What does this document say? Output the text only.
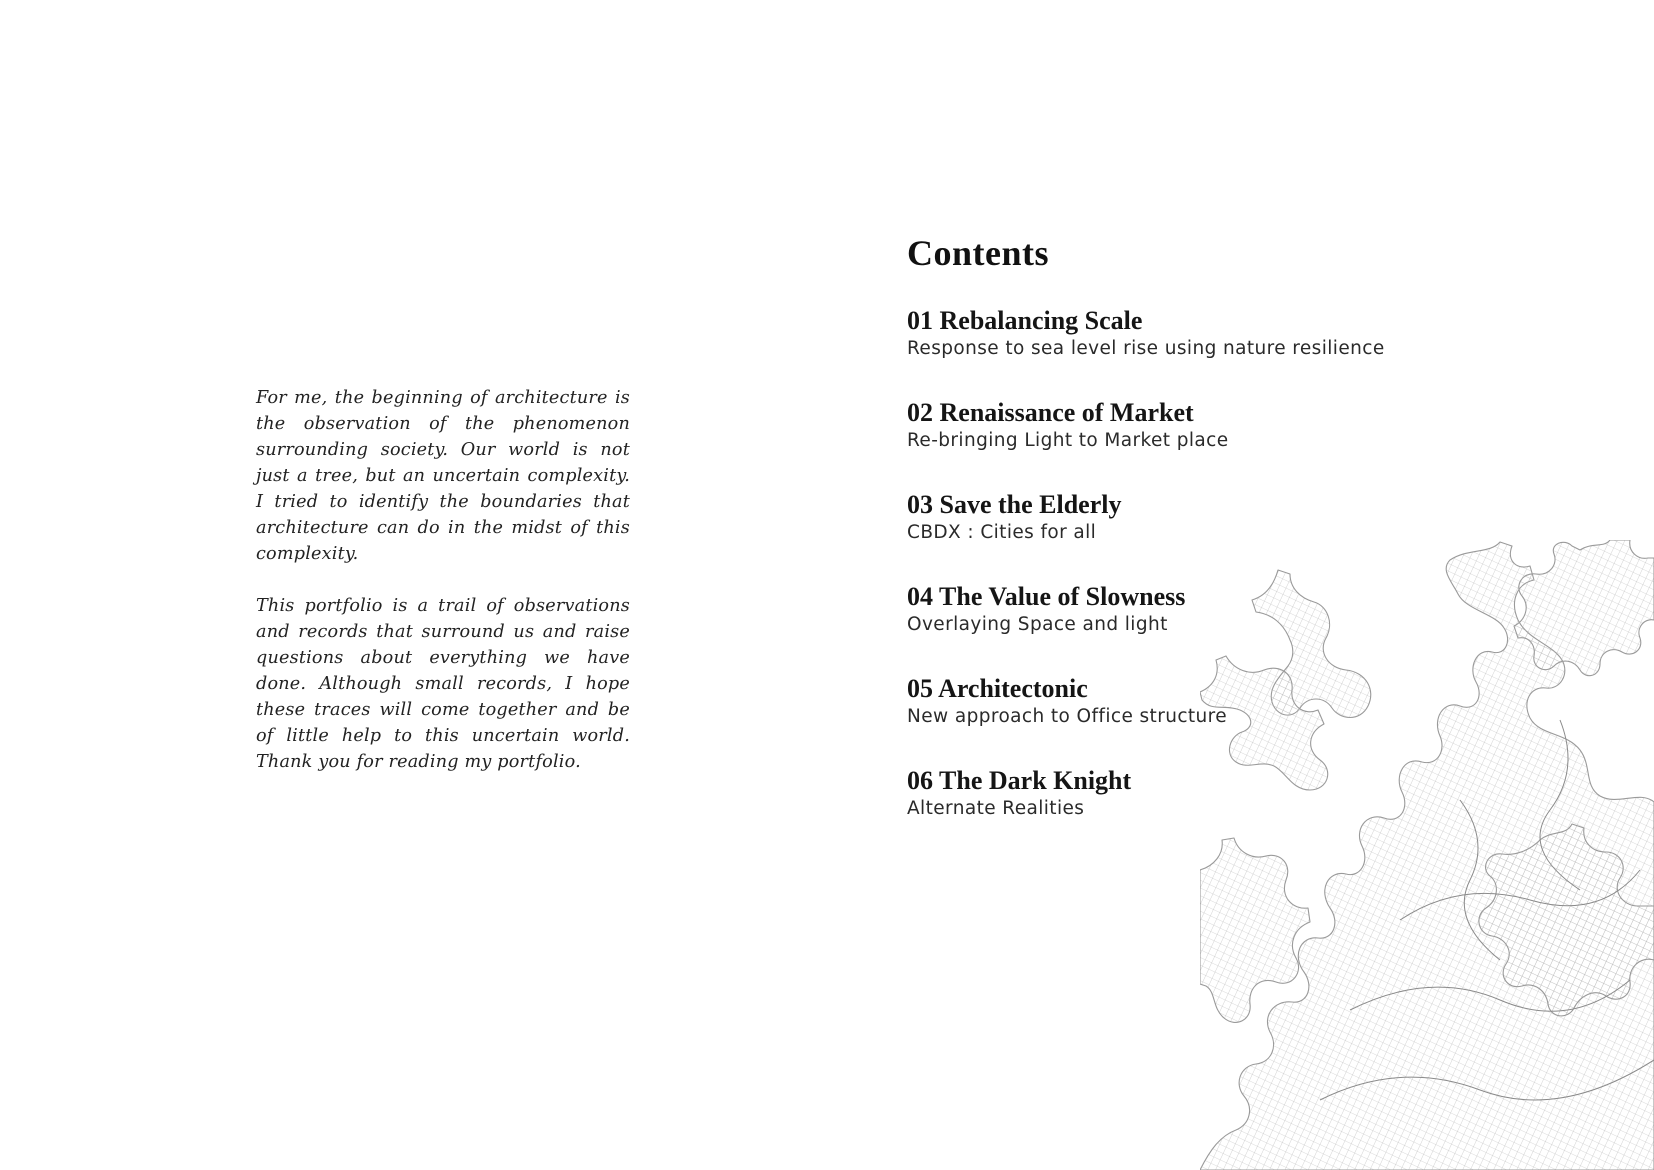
For me, the beginning of architecture is the observation of the phenomenon surrounding society. Our world is not just a tree, but an uncertain complexity. I tried to identify the boundaries that architecture can do in the midst of this complexity.

This portfolio is a trail of observations and records that surround us and raise questions about everything we have done. Although small records, I hope these traces will come together and be of little help to this uncertain world. Thank you for reading my portfolio.

Contents
01 Rebalancing Scale
Response to sea level rise using nature resilience
02 Renaissance of Market
Re-bringing Light to Market place
03 Save the Elderly
CBDX : Cities for all
04 The Value of Slowness
Overlaying Space and light
05 Architectonic
New approach to Office structure
06 The Dark Knight
Alternate Realities
